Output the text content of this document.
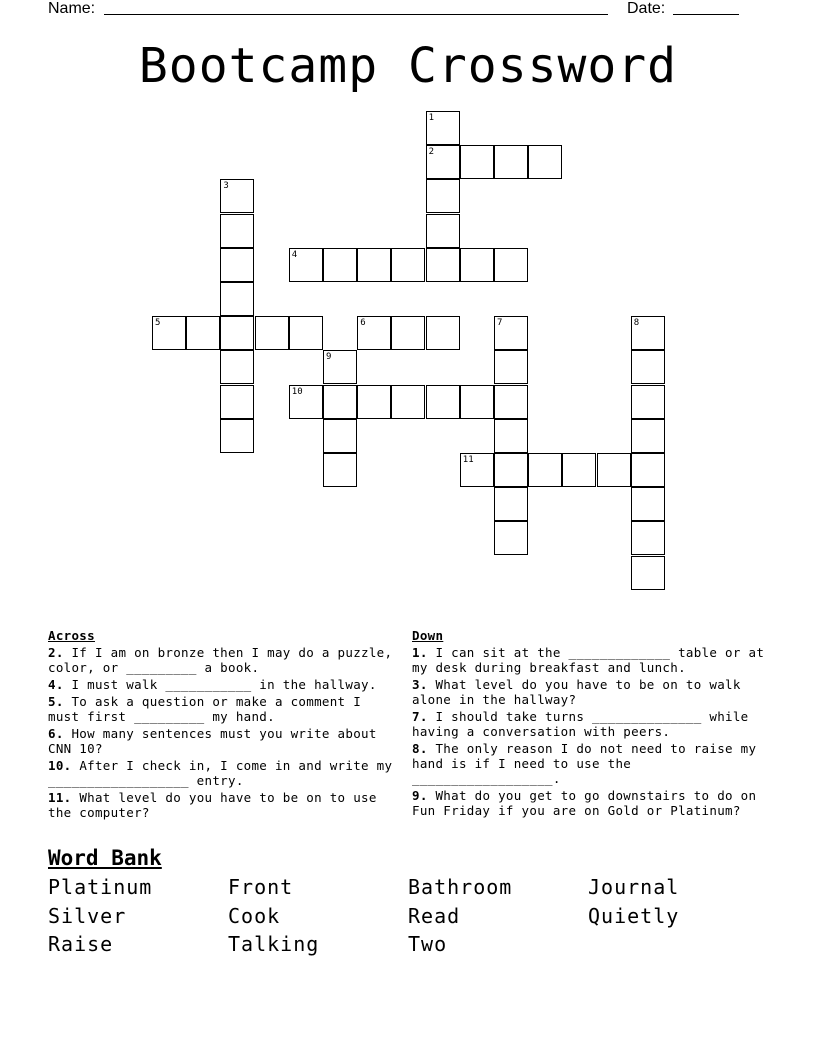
Name:	Date:
Bootcamp Crossword
1
2
3
4
5	6	7	8
9
10
11
Across
2. If I am on bronze then I may do a puzzle, color, or _________ a book.
4. I must walk ___________ in the hallway.
5. To ask a question or make a comment I must first _________ my hand.
6. How many sentences must you write about CNN 10?
10. After I check in, I come in and write my __________________ entry.
11. What level do you have to be on to use the computer?
Down
1. I can sit at the _____________ table or at my desk during breakfast and lunch.
3. What level do you have to be on to walk alone in the hallway?
7. I should take turns ______________ while having a conversation with peers.
8. The only reason I do not need to raise my hand is if I need to use the __________________.
9. What do you get to go downstairs to do on Fun Friday if you are on Gold or Platinum?
Word Bank
Platinum	Front	Bathroom	Journal
Silver	Cook	Read	Quietly
Raise	Talking	Two
